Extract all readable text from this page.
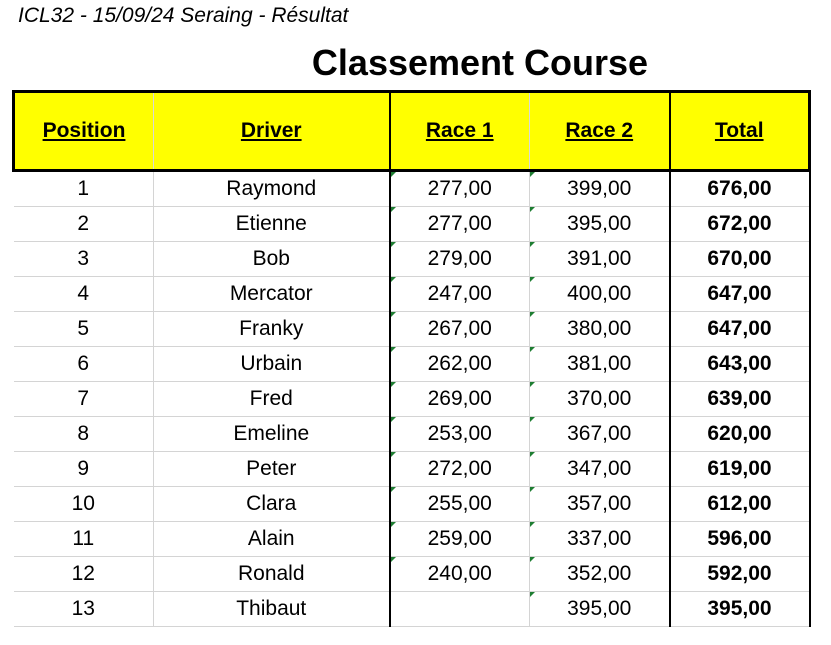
ICL32 - 15/09/24 Seraing - Résultat
Classement Course
Position	Driver	Race 1	Race 2	Total
1	Raymond	277,00	399,00	676,00
2	Etienne	277,00	395,00	672,00
3	Bob	279,00	391,00	670,00
4	Mercator	247,00	400,00	647,00
5	Franky	267,00	380,00	647,00
6	Urbain	262,00	381,00	643,00
7	Fred	269,00	370,00	639,00
8	Emeline	253,00	367,00	620,00
9	Peter	272,00	347,00	619,00
10	Clara	255,00	357,00	612,00
11	Alain	259,00	337,00	596,00
12	Ronald	240,00	352,00	592,00
13	Thibaut		395,00	395,00
